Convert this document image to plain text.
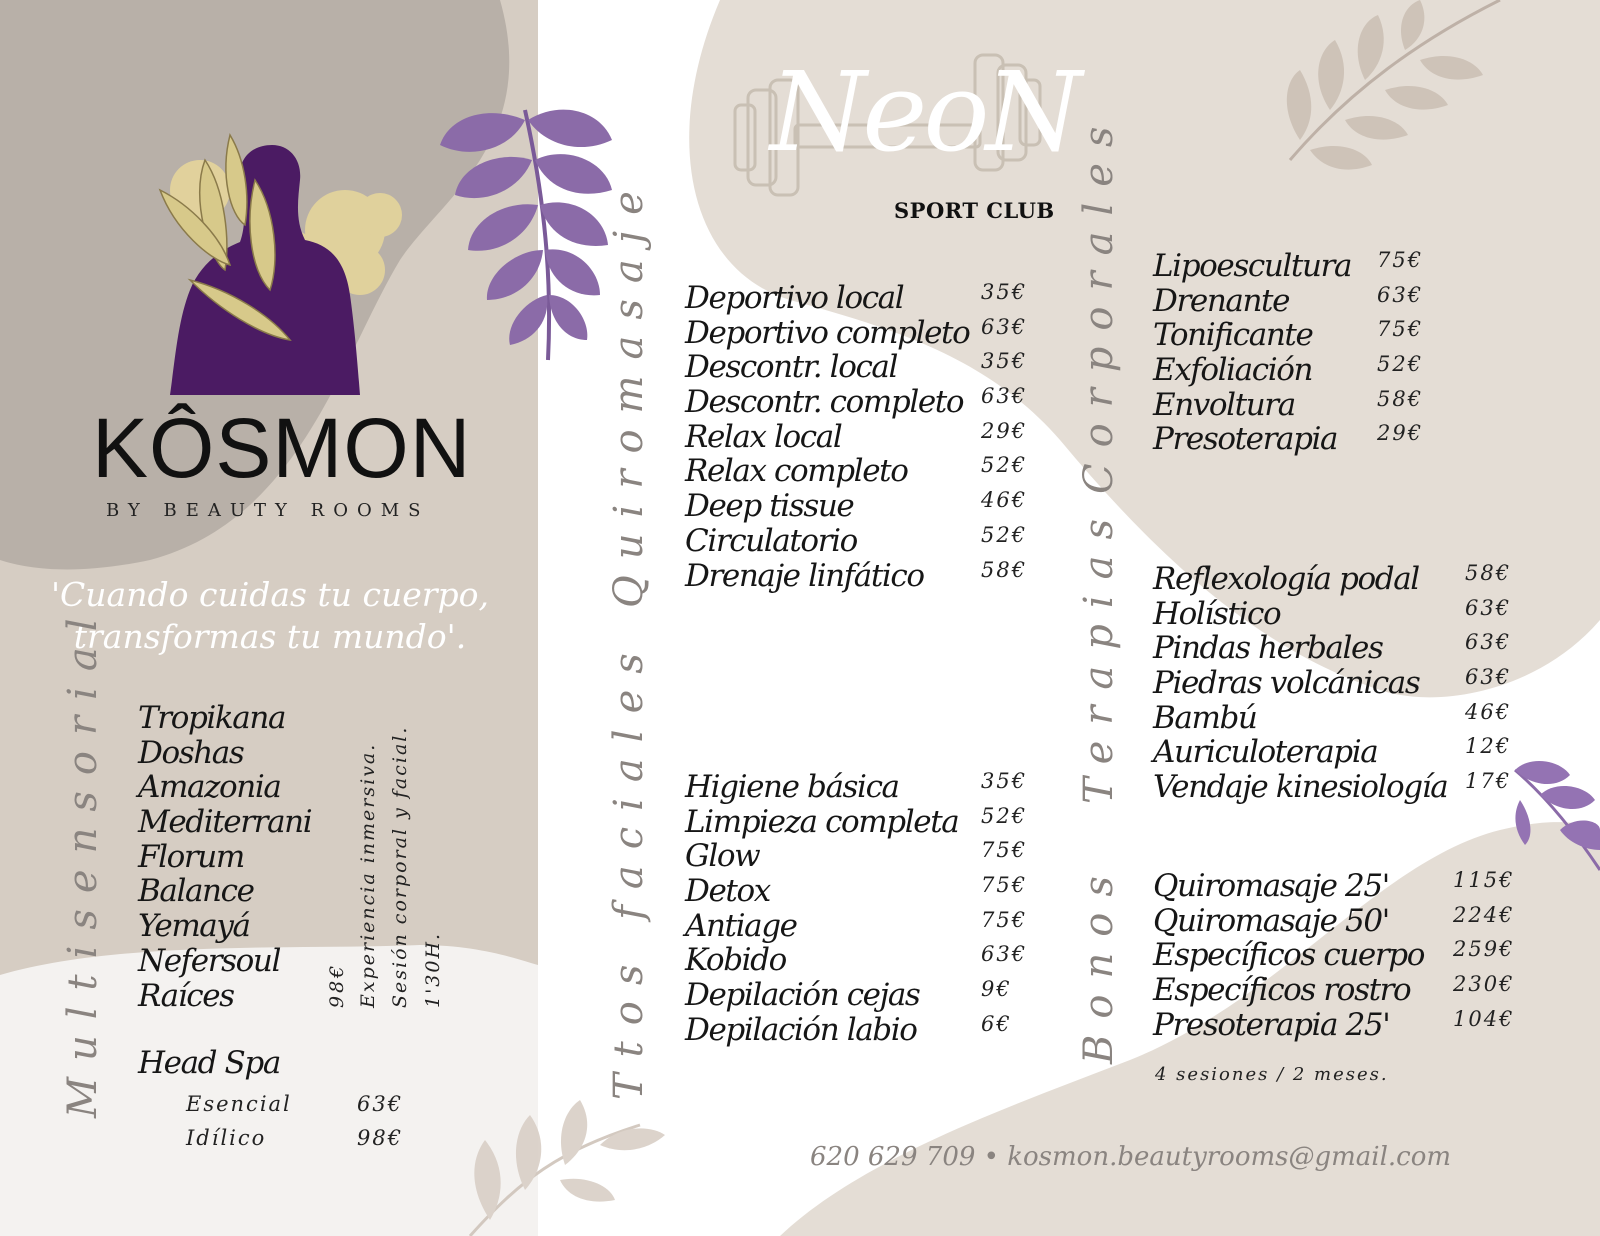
KÔSMON
BY BEAUTY ROOMS
'Cuando cuidas tu cuerpo,
transformas tu mundo'.
NeoN
SPORT CLUB
Multisensorial Tropikana
Doshas
Amazonia
Mediterrani
Florum
Balance
Yemayá
Nefersoul
Raíces	98€ Experiencia inmersiva. Sesión corporal y facial. 1'30H.
Head Spa
Esencial	63€
Idílico	98€
Quiromasaje Deportivo local	35€
Deportivo completo 63€
Descontr. local	35€
Descontr. completo 63€
Relax local	29€
Relax completo	52€
Deep tissue	46€
Circulatorio	52€
Drenaje linfático	58€
Ttos faciales Higiene básica	35€
Limpieza completa 52€
Glow	75€
Detox	75€
Antiage	75€
Kobido	63€
Depilación cejas	9€
Depilación labio	6€
Corporales Lipoescultura 75€
Drenante	63€
Tonificante	75€
Exfoliación	52€
Envoltura	58€
Presoterapia 29€
Terapias Reflexología podal 58€
Holístico	63€
Pindas herbales	63€
Piedras volcánicas 63€
Bambú	46€
Auriculoterapia	12€
Vendaje kinesiología 17€
Bonos Quiromasaje 25'	115€
Quiromasaje 50'	224€
Específicos cuerpo 259€
Específicos rostro 230€
Presoterapia 25'	104€
4 sesiones / 2 meses.
620 629 709 • kosmon.beautyrooms@gmail.com
